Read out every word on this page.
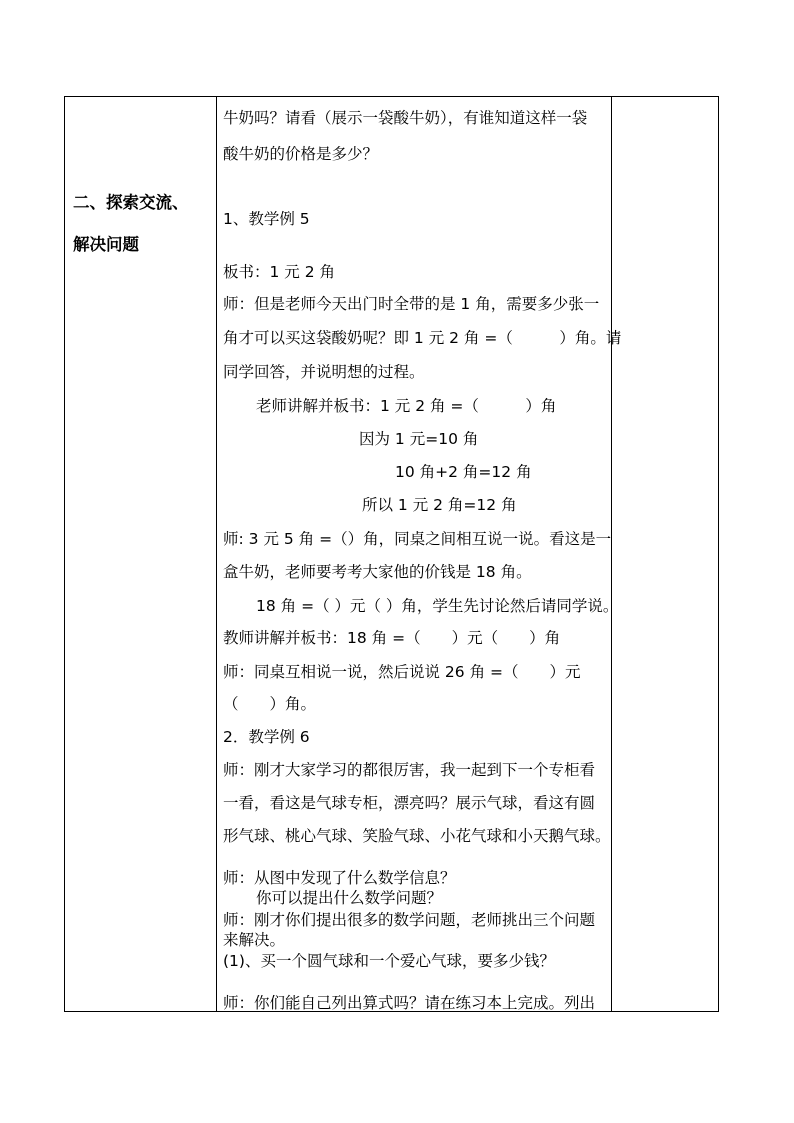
二、探索交流、
解决问题
牛奶吗？请看（展示一袋酸牛奶），有谁知道这样一袋
酸牛奶的价格是多少？
1、教学例 5
板书：1 元 2 角
师：但是老师今天出门时全带的是 1 角，需要多少张一
角才可以买这袋酸奶呢？即 1 元 2 角 =（　　　）角。请
同学回答，并说明想的过程。
老师讲解并板书：1 元 2 角 =（　　　）角
因为 1 元=10 角
10 角+2 角=12 角
所以 1 元 2 角=12 角
师: 3 元 5 角 =（）角，同桌之间相互说一说。看这是一
盒牛奶，老师要考考大家他的价钱是 18 角。
18 角 =（ ）元（ ）角，学生先讨论然后请同学说。
教师讲解并板书：18 角 =（　　）元（　　）角
师：同桌互相说一说，然后说说 26 角 =（　　）元
（　　）角。
2．教学例 6
师：刚才大家学习的都很厉害，我一起到下一个专柜看
一看，看这是气球专柜，漂亮吗？展示气球，看这有圆
形气球、桃心气球、笑脸气球、小花气球和小天鹅气球。
师：从图中发现了什么数学信息？
你可以提出什么数学问题？
师：刚才你们提出很多的数学问题，老师挑出三个问题
来解决。
(1)、买一个圆气球和一个爱心气球，要多少钱？
师：你们能自己列出算式吗？请在练习本上完成。列出
